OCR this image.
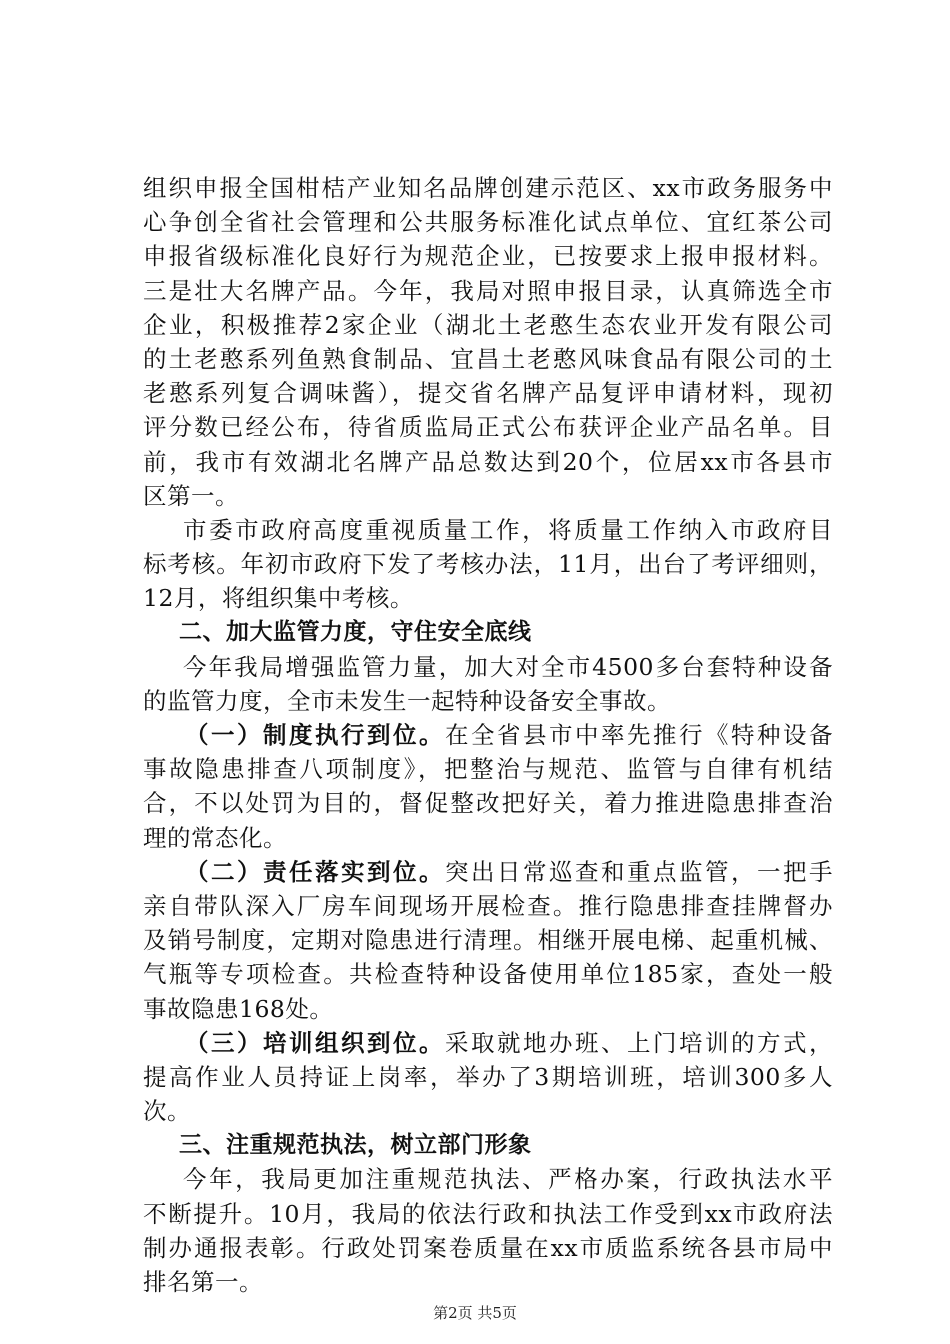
组织申报全国柑桔产业知名品牌创建示范区、xx市政务服务中
心争创全省社会管理和公共服务标准化试点单位、宜红茶公司
申报省级标准化良好行为规范企业，已按要求上报申报材料。
三是壮大名牌产品。今年，我局对照申报目录，认真筛选全市
企业，积极推荐2家企业（湖北土老憨生态农业开发有限公司
的土老憨系列鱼熟食制品、宜昌土老憨风味食品有限公司的土
老憨系列复合调味酱），提交省名牌产品复评申请材料，现初
评分数已经公布，待省质监局正式公布获评企业产品名单。目
前，我市有效湖北名牌产品总数达到20个，位居xx市各县市
区第一。
市委市政府高度重视质量工作，将质量工作纳入市政府目
标考核。年初市政府下发了考核办法，11月，出台了考评细则，
12月，将组织集中考核。
二、加大监管力度，守住安全底线
今年我局增强监管力量，加大对全市4500多台套特种设备
的监管力度，全市未发生一起特种设备安全事故。
（一）制度执行到位。在全省县市中率先推行《特种设备
事故隐患排查八项制度》，把整治与规范、监管与自律有机结
合，不以处罚为目的，督促整改把好关，着力推进隐患排查治
理的常态化。
（二）责任落实到位。突出日常巡查和重点监管，一把手
亲自带队深入厂房车间现场开展检查。推行隐患排查挂牌督办
及销号制度，定期对隐患进行清理。相继开展电梯、起重机械、
气瓶等专项检查。共检查特种设备使用单位185家，查处一般
事故隐患168处。
（三）培训组织到位。采取就地办班、上门培训的方式，
提高作业人员持证上岗率，举办了3期培训班，培训300多人
次。
三、注重规范执法，树立部门形象
今年，我局更加注重规范执法、严格办案，行政执法水平
不断提升。10月，我局的依法行政和执法工作受到xx市政府法
制办通报表彰。行政处罚案卷质量在xx市质监系统各县市局中
排名第一。
第2页 共5页
